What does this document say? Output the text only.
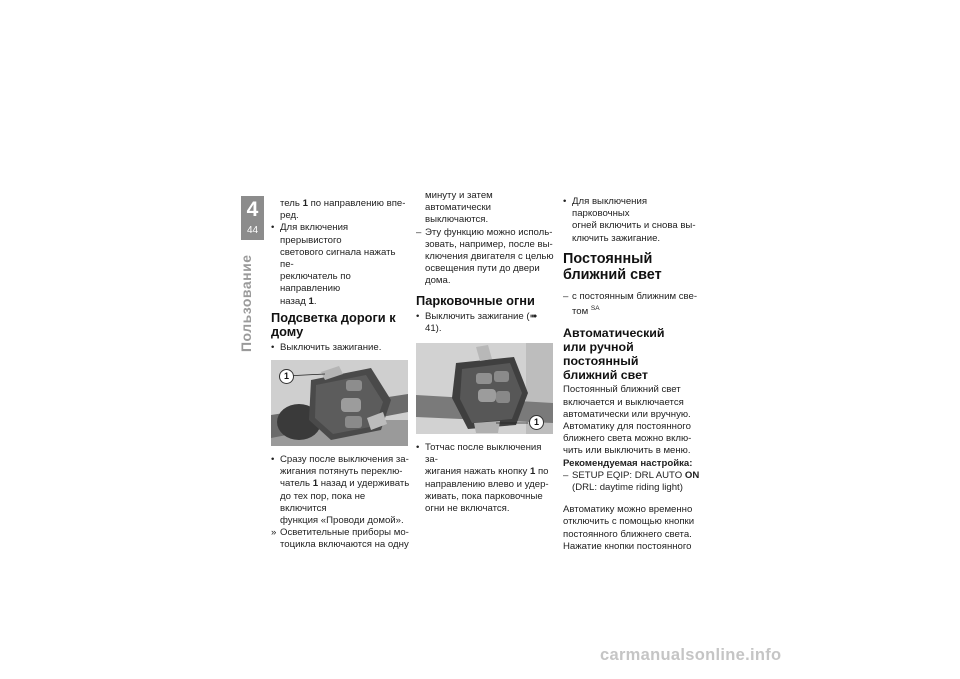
4
44
Пользование

тель 1 по направлению впе-
ред.

• Для включения прерывистого
светового сигнала нажать пе-
реключатель по направлению
назад 1.
Подсветка дороги к дому
• Выключить зажигание.
1
• Сразу после выключения за-
жигания потянуть переклю-
чатель 1 назад и удерживать
до тех пор, пока не включится
функция «Проводи домой».
» Осветительные приборы мо-
тоцикла включаются на одну

минуту и затем автоматически
выключаются.

– Эту функцию можно исполь-
зовать, например, после вы-
ключения двигателя с целью
освещения пути до двери
дома.
Парковочные огни
• Выключить зажигание (➠ 41).
1
• Тотчас после выключения за-
жигания нажать кнопку 1 по
направлению влево и удер-
живать, пока парковочные
огни не включатся.
• Для выключения парковочных
огней включить и снова вы-
ключить зажигание.
Постоянный ближний свет
– с постоянным ближним све-
том $^{SA}$
Автоматический или ручной постоянный ближний свет

Постоянный ближний свет
включается и выключается
автоматически или вручную.
Автоматику для постоянного
ближнего света можно вклю-
чить или выключить в меню.

Рекомендуемая настройка:

– SETUP EQIP: DRL AUTO ON
(DRL: daytime riding light)

Автоматику можно временно
отключить с помощью кнопки
постоянного ближнего света.
Нажатие кнопки постоянного

carmanualsonline.info
